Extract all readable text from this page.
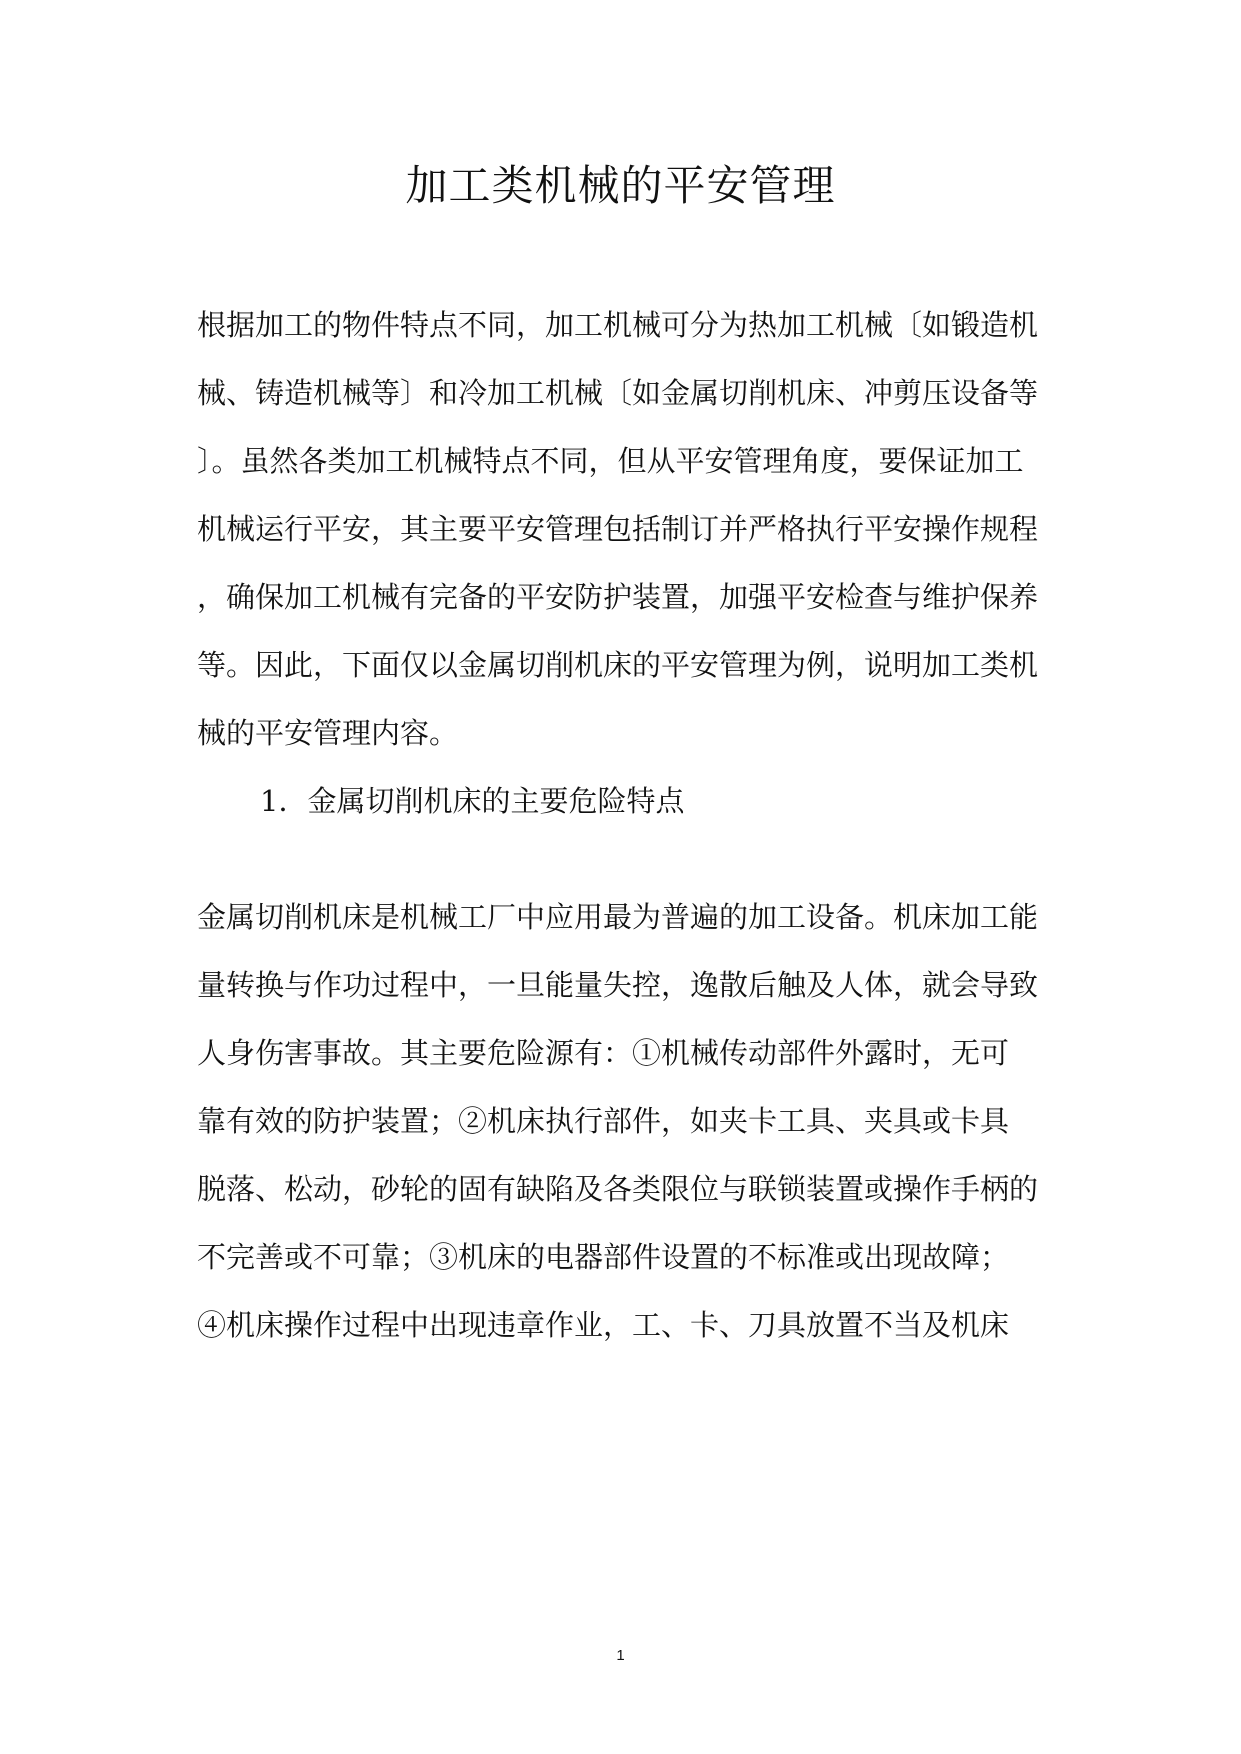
加工类机械的平安管理

根据加工的物件特点不同，加工机械可分为热加工机械〔如锻造机

械、铸造机械等〕和冷加工机械〔如金属切削机床、冲剪压设备等

〕。虽然各类加工机械特点不同，但从平安管理角度，要保证加工

机械运行平安，其主要平安管理包括制订并严格执行平安操作规程

，确保加工机械有完备的平安防护装置，加强平安检查与维护保养

等。因此，下面仅以金属切削机床的平安管理为例，说明加工类机

械的平安管理内容。

1．金属切削机床的主要危险特点

金属切削机床是机械工厂中应用最为普遍的加工设备。机床加工能

量转换与作功过程中，一旦能量失控，逸散后触及人体，就会导致

人身伤害事故。其主要危险源有：①机械传动部件外露时，无可

靠有效的防护装置；②机床执行部件，如夹卡工具、夹具或卡具

脱落、松动，砂轮的固有缺陷及各类限位与联锁装置或操作手柄的

不完善或不可靠；③机床的电器部件设置的不标准或出现故障；

④机床操作过程中出现违章作业，工、卡、刀具放置不当及机床

1
